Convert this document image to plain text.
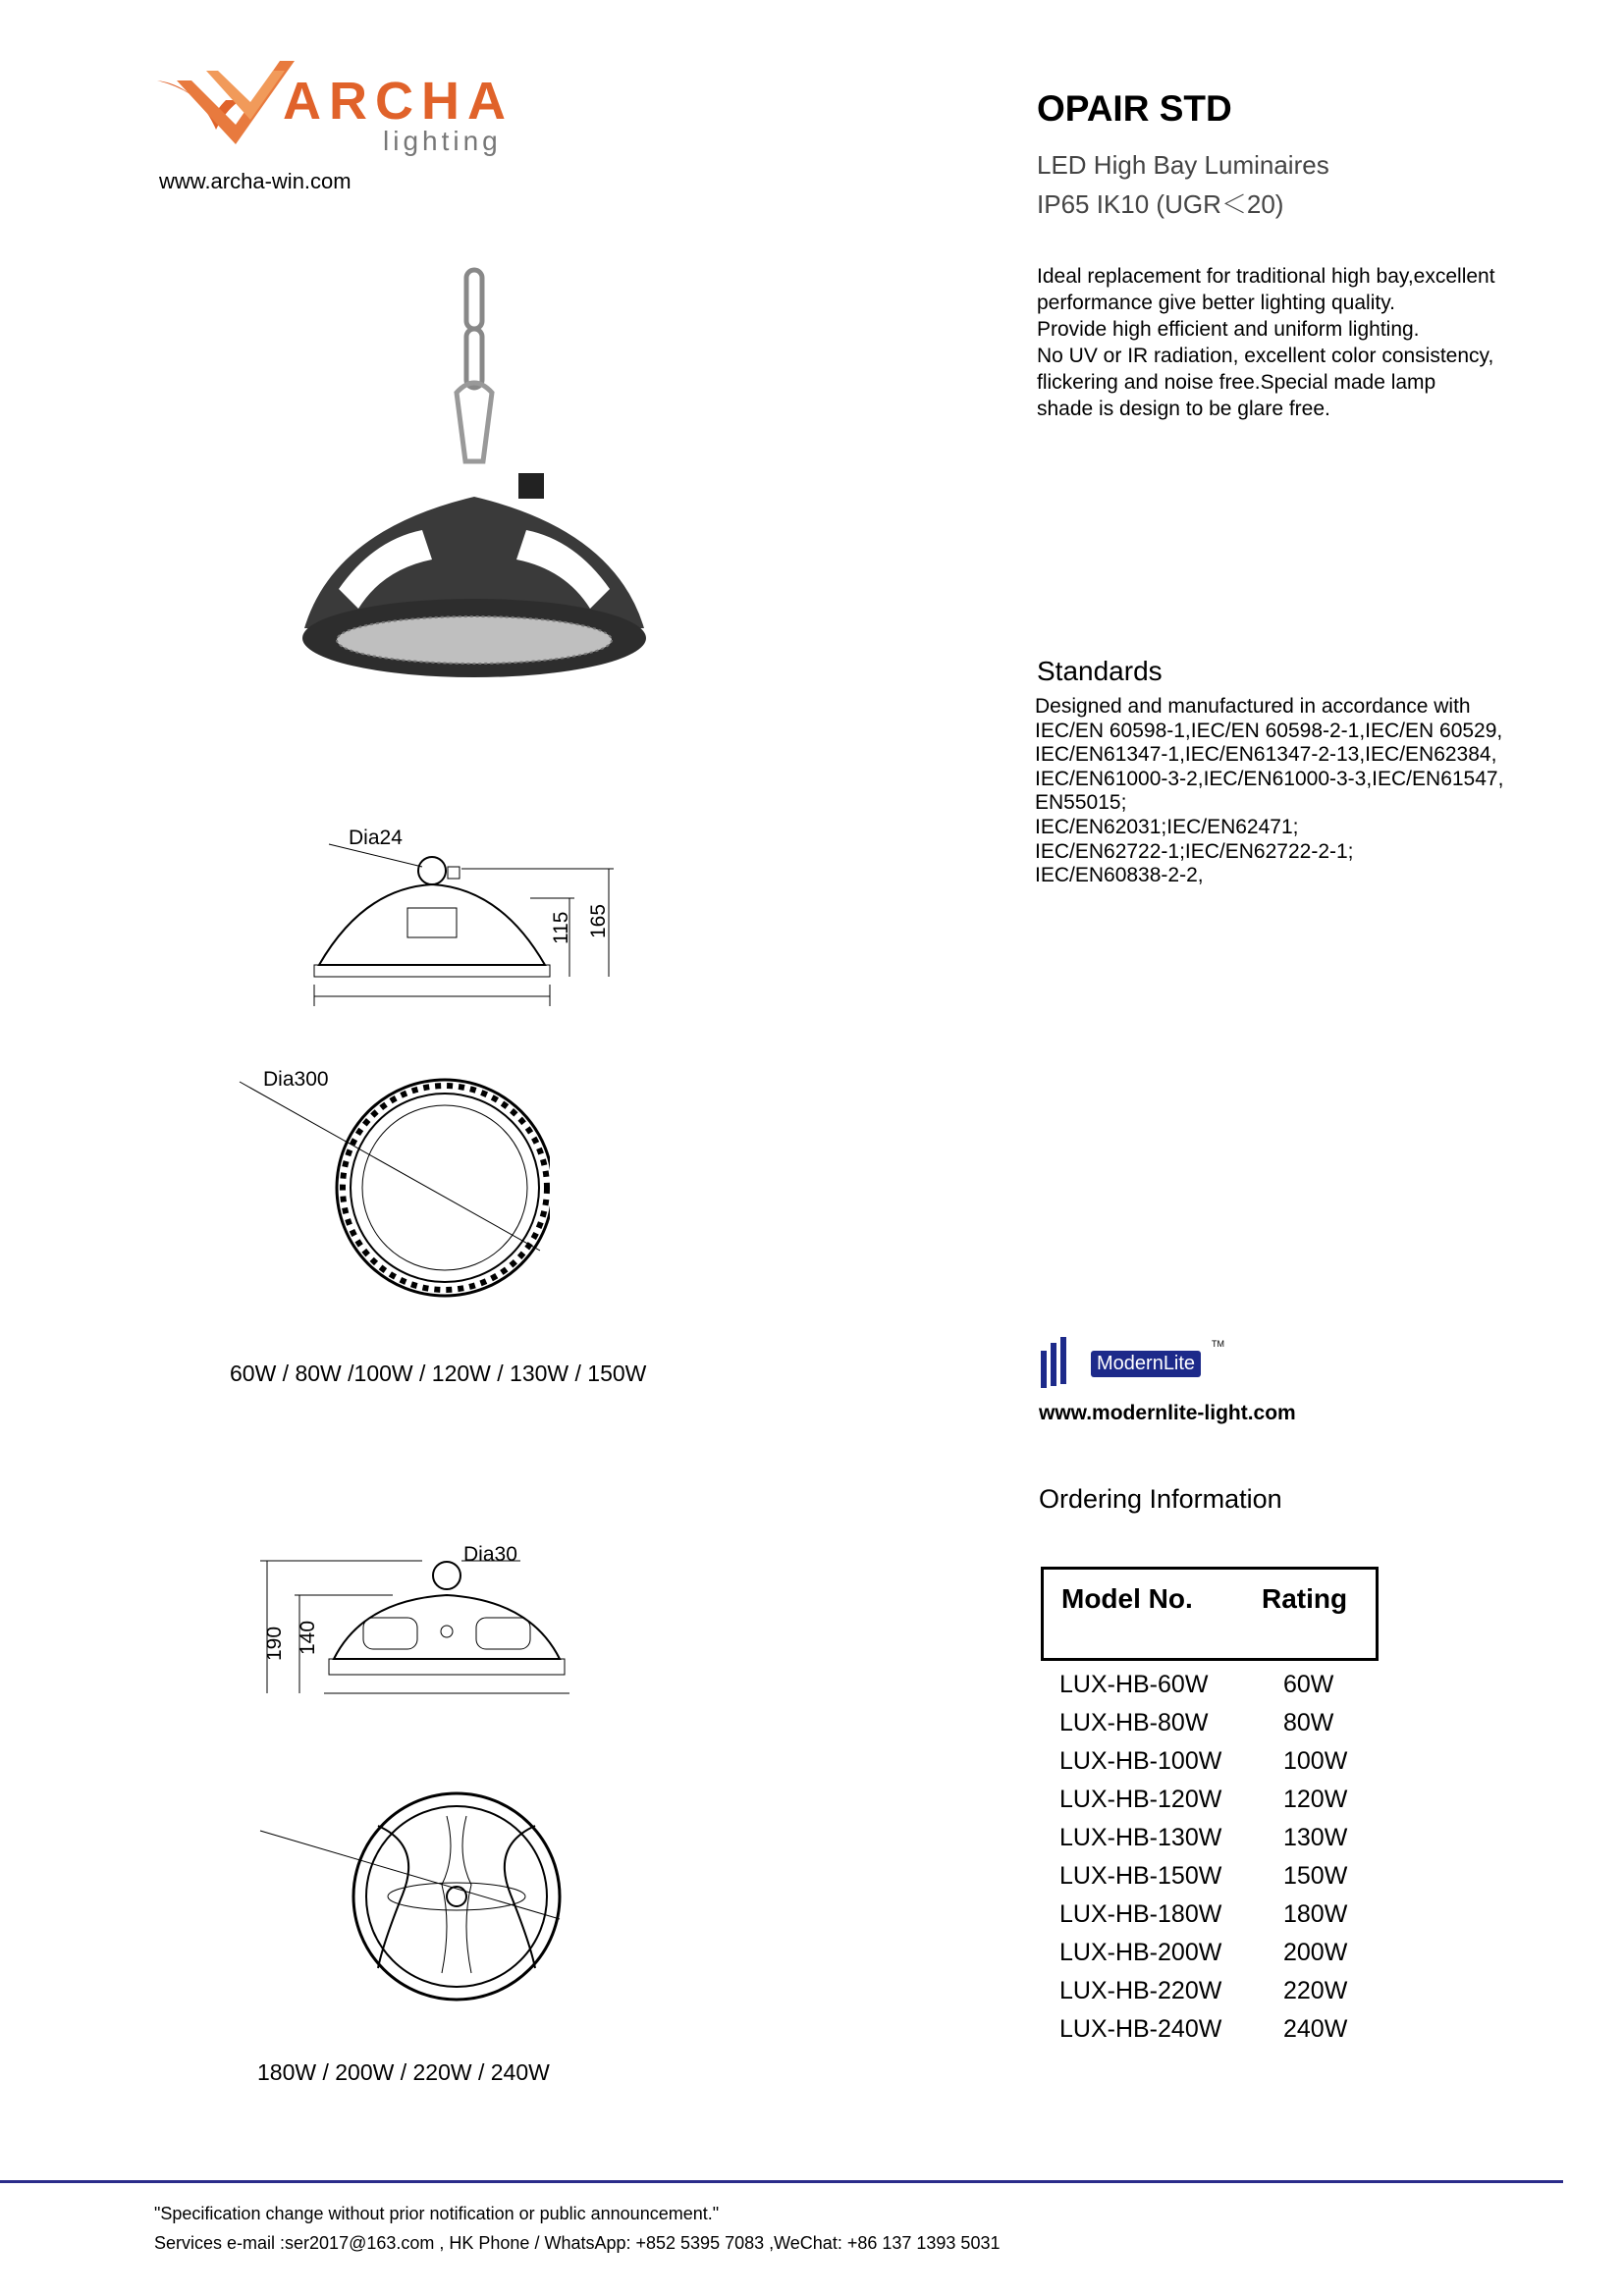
ARCHA
lighting
www.archa-win.com
OPAIR STD
LED High Bay Luminaires
IP65 IK10 (UGR＜20)
Ideal replacement for traditional high bay,excellent
performance give better lighting quality.
Provide high efficient and uniform lighting.
No UV or IR radiation, excellent color consistency,
flickering and noise free.Special made lamp
shade is design to be glare free.
Dia24
115 165
Dia300
60W / 80W /100W / 120W / 130W / 150W
Dia30
190 140
180W / 200W / 220W / 240W
Standards
Designed and manufactured in accordance with
IEC/EN 60598-1,IEC/EN 60598-2-1,IEC/EN 60529,
IEC/EN61347-1,IEC/EN61347-2-13,IEC/EN62384,
IEC/EN61000-3-2,IEC/EN61000-3-3,IEC/EN61547,
EN55015;
IEC/EN62031;IEC/EN62471;
IEC/EN62722-1;IEC/EN62722-2-1;
IEC/EN60838-2-2,
ModernLite
TM
www.modernlite-light.com
Ordering Information
Model No.	Rating
LUX-HB-60W	60W
LUX-HB-80W	80W
LUX-HB-100W	100W
LUX-HB-120W	120W
LUX-HB-130W	130W
LUX-HB-150W	150W
LUX-HB-180W	180W
LUX-HB-200W	200W
LUX-HB-220W	220W
LUX-HB-240W	240W
"Specification change without prior notification or public announcement."
Services e-mail :ser2017@163.com , HK Phone / WhatsApp: +852 5395 7083 ,WeChat: +86 137 1393 5031
